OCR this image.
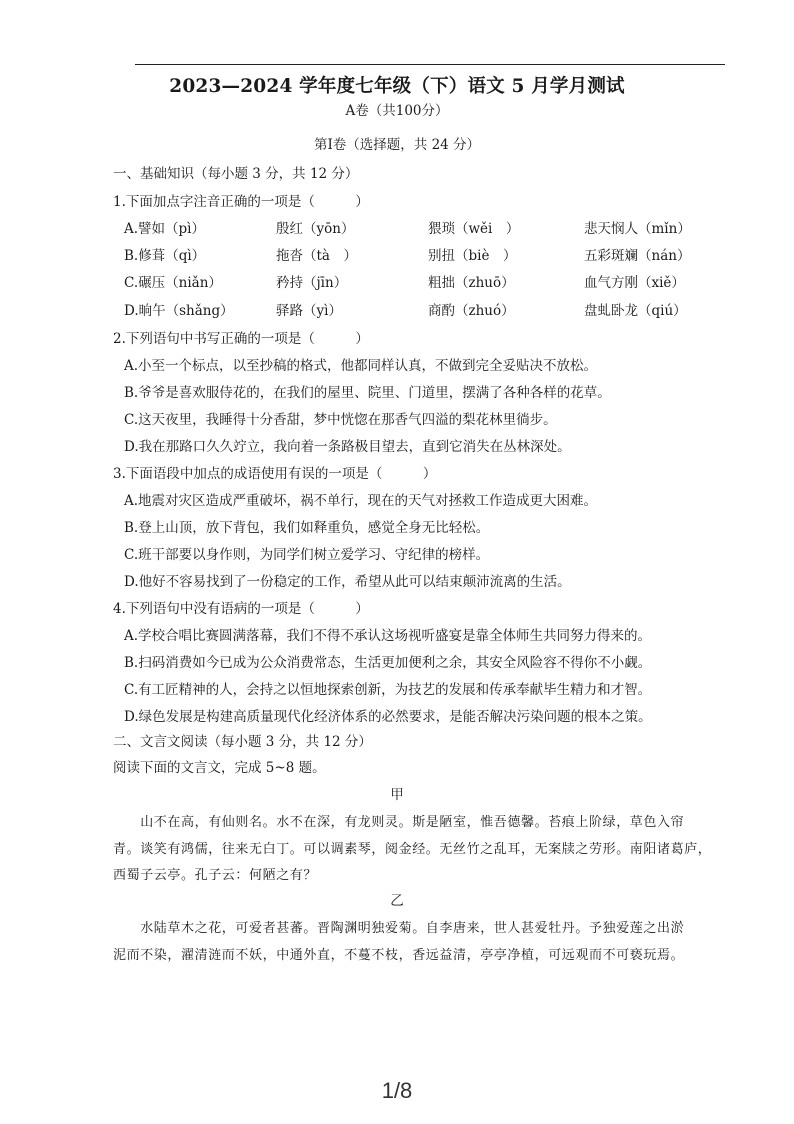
2023—2024 学年度七年级（下）语文 5 月学月测试
A卷（共100分）
第Ⅰ卷（选择题，共 24 分）
一、基础知识（每小题 3 分，共 12 分）
1.下面加点字注音正确的一项是（　　　）
A.譬如（pì）	殷红（yōn）	猥琐（wěi　）	悲天悯人（mǐn）
B.修葺（qì）	拖沓（tà　）	别扭（biè　）	五彩斑斓（nán）
C.碾压（niǎn）	矜持（jīn）	粗拙（zhuō）	血气方刚（xiě）
D.晌午（shǎng）	驿路（yì）	商酌（zhuó）	盘虬卧龙（qiú）
2.下列语句中书写正确的一项是（　　　）
A.小至一个标点，以至抄稿的格式，他都同样认真，不做到完全妥贴决不放松。
B.爷爷是喜欢服侍花的，在我们的屋里、院里、门道里，摆满了各种各样的花草。
C.这天夜里，我睡得十分香甜，梦中恍惚在那香气四溢的梨花林里徜步。
D.我在那路口久久竚立，我向着一条路极目望去，直到它消失在丛林深处。
3.下面语段中加点的成语使用有误的一项是（　　　）
A.地震对灾区造成严重破坏，祸不单行，现在的天气对拯救工作造成更大困难。
B.登上山顶，放下背包，我们如释重负，感觉全身无比轻松。
C.班干部要以身作则，为同学们树立爱学习、守纪律的榜样。
D.他好不容易找到了一份稳定的工作，希望从此可以结束颠沛流离的生活。
4.下列语句中没有语病的一项是（　　　）
A.学校合唱比赛圆满落幕，我们不得不承认这场视听盛宴是靠全体师生共同努力得来的。
B.扫码消费如今已成为公众消费常态，生活更加便利之余，其安全风险容不得你不小觑。
C.有工匠精神的人，会持之以恒地探索创新，为技艺的发展和传承奉献毕生精力和才智。
D.绿色发展是构建高质量现代化经济体系的必然要求，是能否解决污染问题的根本之策。
二、文言文阅读（每小题 3 分，共 12 分）
阅读下面的文言文，完成 5~8 题。
甲
　　山不在高，有仙则名。水不在深，有龙则灵。斯是陋室，惟吾德馨。苔痕上阶绿，草色入帘
青。谈笑有鸿儒，往来无白丁。可以调素琴，阅金经。无丝竹之乱耳，无案牍之劳形。南阳诸葛庐，
西蜀子云亭。孔子云：何陋之有？
乙
　　水陆草木之花，可爱者甚蕃。晋陶渊明独爱菊。自李唐来，世人甚爱牡丹。予独爱莲之出淤
泥而不染，濯清涟而不妖，中通外直，不蔓不枝，香远益清，亭亭净植，可远观而不可亵玩焉。
1/8
